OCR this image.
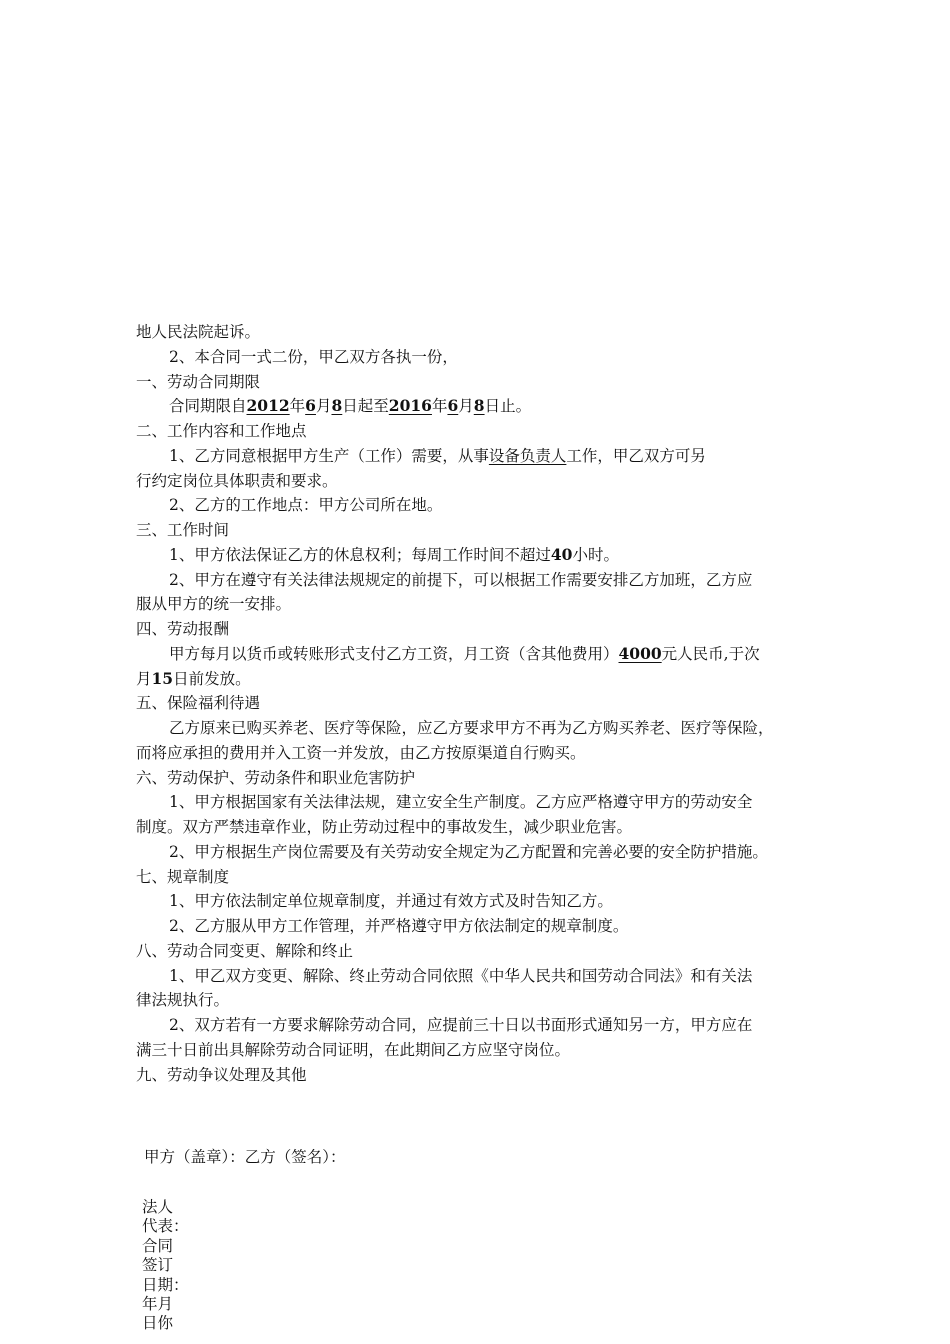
地人民法院起诉。
2、本合同一式二份，甲乙双方各执一份，
一、劳动合同期限
合同期限自2012年6月8日起至2016年6月8日止。
二、工作内容和工作地点
1、乙方同意根据甲方生产（工作）需要，从事设备负责人工作，甲乙双方可另
行约定岗位具体职责和要求。
2、乙方的工作地点：甲方公司所在地。
三、工作时间
1、甲方依法保证乙方的休息权利；每周工作时间不超过40小时。
2、甲方在遵守有关法律法规规定的前提下，可以根据工作需要安排乙方加班，乙方应
服从甲方的统一安排。
四、劳动报酬
甲方每月以货币或转账形式支付乙方工资，月工资（含其他费用）4000元人民币,于次
月15日前发放。
五、保险福利待遇
乙方原来已购买养老、医疗等保险，应乙方要求甲方不再为乙方购买养老、医疗等保险，
而将应承担的费用并入工资一并发放，由乙方按原渠道自行购买。
六、劳动保护、劳动条件和职业危害防护
1、甲方根据国家有关法律法规，建立安全生产制度。乙方应严格遵守甲方的劳动安全
制度。双方严禁违章作业，防止劳动过程中的事故发生，减少职业危害。
2、甲方根据生产岗位需要及有关劳动安全规定为乙方配置和完善必要的安全防护措施。
七、规章制度
1、甲方依法制定单位规章制度，并通过有效方式及时告知乙方。
2、乙方服从甲方工作管理，并严格遵守甲方依法制定的规章制度。
八、劳动合同变更、解除和终止
1、甲乙双方变更、解除、终止劳动合同依照《中华人民共和国劳动合同法》和有关法
律法规执行。
2、双方若有一方要求解除劳动合同，应提前三十日以书面形式通知另一方，甲方应在
满三十日前出具解除劳动合同证明，在此期间乙方应坚守岗位。
九、劳动争议处理及其他
甲方（盖章）：乙方（签名）：
法人
代表：
合同
签订
日期：
年月
日你
